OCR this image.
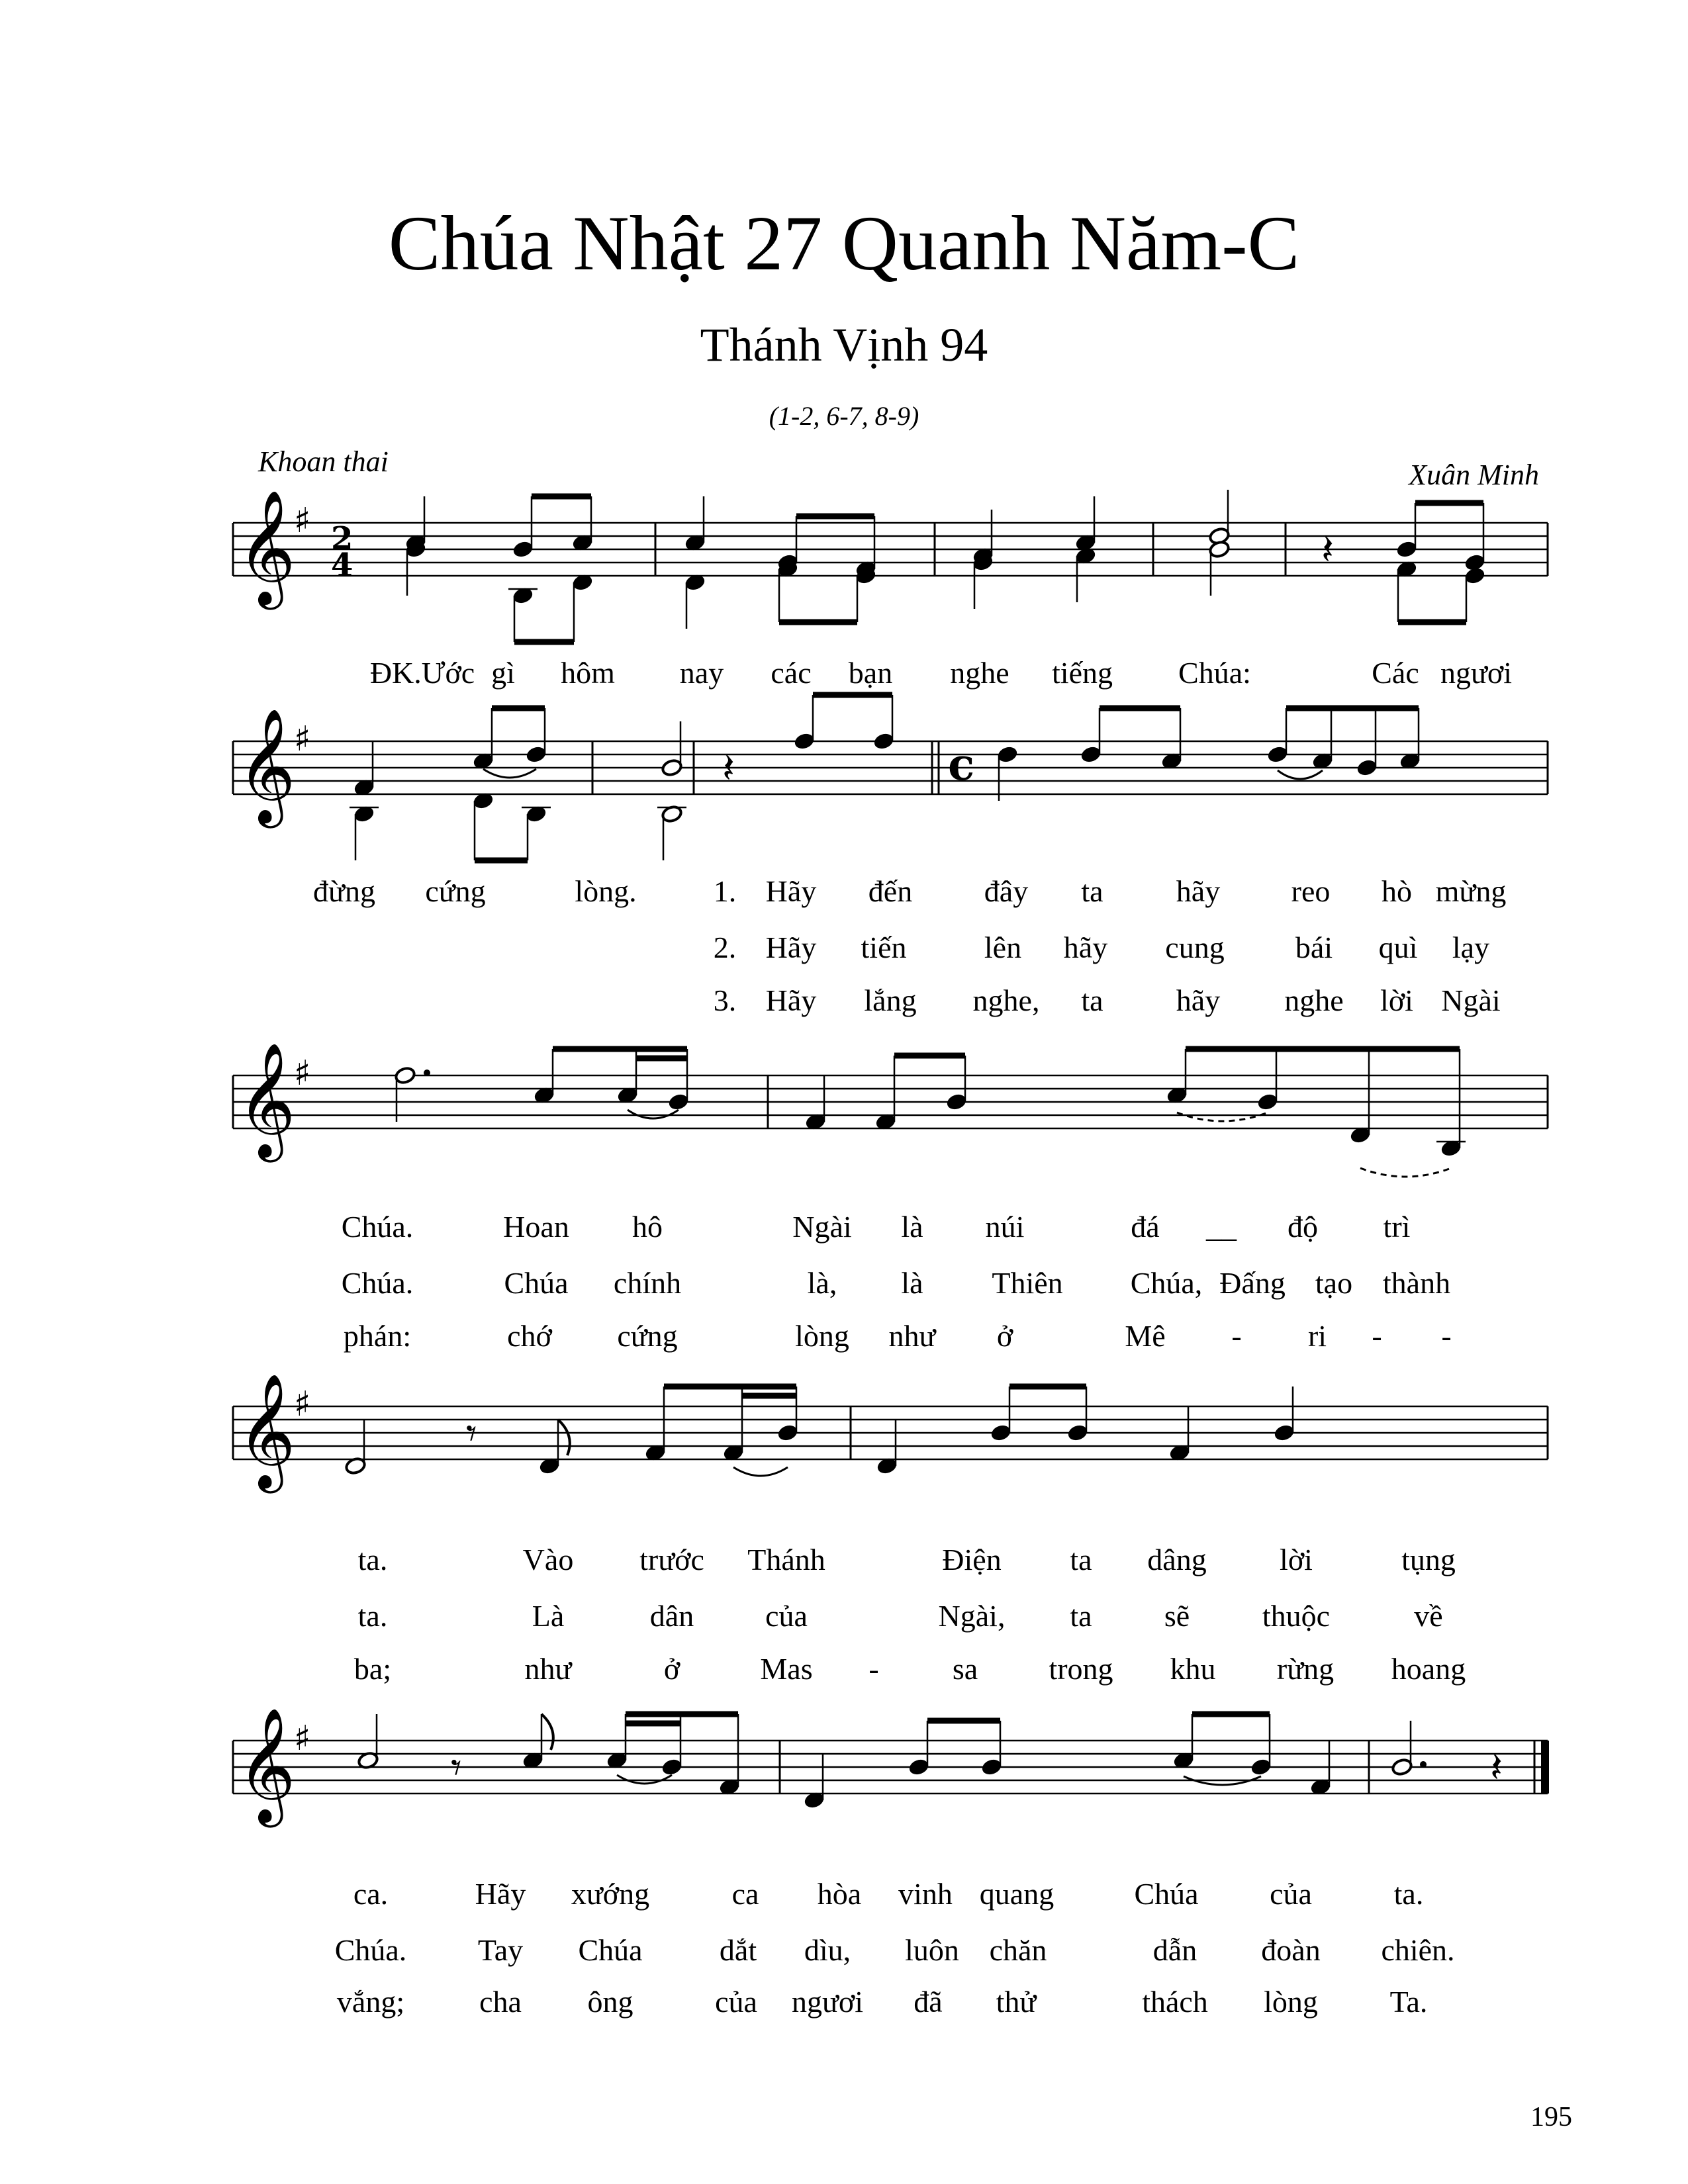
Chúa Nhật 27 Quanh Năm-C
Thánh Vịnh 94
(1-2, 6-7, 8-9)
Khoan thai	Xuân Minh
𝄞
♯ 2
4	𝄽
𝄞
♯
𝄽	c
𝄞
♯
𝄞
♯
𝄾
𝄞
♯
𝄾	𝄽
ĐK.Ước gì hôm nay các bạn nghe tiếng Chúa:	Các ngươi
đừng cứng	lòng.	1. Hãy đến đây ta hãy reo hò mừng
2. Hãy tiến	lên hãy cung bái quì lạy
3. Hãy lắng nghe, ta hãy nghe lời Ngài
Chúa.	Hoan hô	Ngài là núi	đá __ độ trì
Chúa.	Chúa chính	là, là Thiên Chúa, Đấng tạo thành
phán:	chớ cứng	lòng như ở	Mê - ri - -
ta.	Vào trước Thánh	Điện ta dâng lời	tụng
ta.	Là	dân của	Ngài, ta sẽ thuộc	về
ba;	như	ở	Mas - sa trong khu rừng hoang
ca.	Hãy xướng	ca hòa vinh quang	Chúa của	ta.
Chúa. Tay Chúa	dắt dìu, luôn chăn	dẫn đoàn chiên.
vắng; cha ông	của ngươi đã thử	thách lòng Ta.
195
